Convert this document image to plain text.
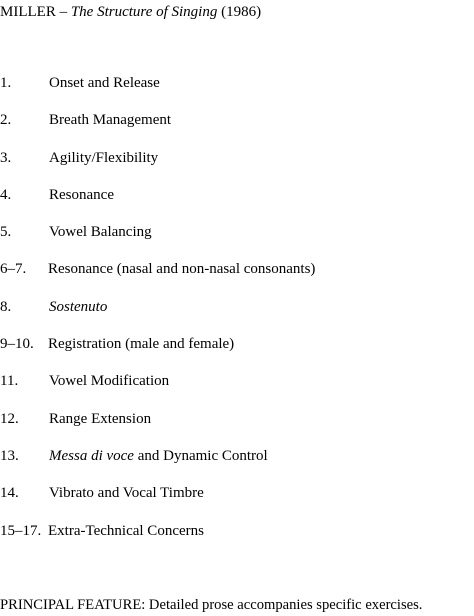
MILLER – The Structure of Singing (1986)
1.	Onset and Release
2.	Breath Management
3.	Agility/Flexibility
4.	Resonance
5.	Vowel Balancing
6–7. Resonance (nasal and non-nasal consonants)
8.	Sostenuto
9–10. Registration (male and female)
11. Vowel Modification
12. Range Extension
13. Messa di voce and Dynamic Control
14. Vibrato and Vocal Timbre
15–17. Extra-Technical Concerns
PRINCIPAL FEATURE: Detailed prose accompanies specific exercises.
